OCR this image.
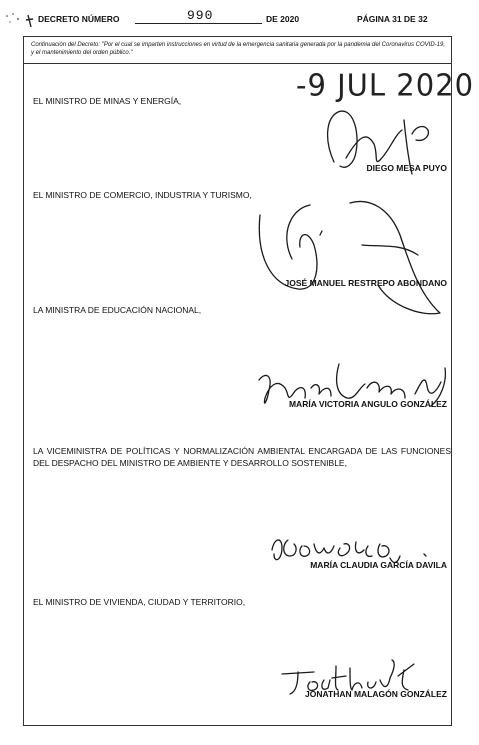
DECRETO NÚMERO	990	DE 2020	PÁGINA 31 DE 32
Continuación del Decreto: "Por el cual se imparten instrucciones en virtud de la emergencia sanitaria generada por la pandemia del Coronavirus COVID-19, y el mantenimiento del orden público."
-9 JUL 2020
EL MINISTRO DE MINAS Y ENERGÍA,
DIEGO MESA PUYO
EL MINISTRO DE COMERCIO, INDUSTRIA Y TURISMO,
JOSÉ MANUEL RESTREPO ABONDANO
LA MINISTRA DE EDUCACIÓN NACIONAL,
MARÍA VICTORIA ANGULO GONZÁLEZ
LA VICEMINISTRA DE POLÍTICAS Y NORMALIZACIÓN AMBIENTAL ENCARGADA DE LAS FUNCIONES DEL DESPACHO DEL MINISTRO DE AMBIENTE Y DESARROLLO SOSTENIBLE,
MARÍA CLAUDIA GARCÍA DAVILA
EL MINISTRO DE VIVIENDA, CIUDAD Y TERRITORIO,
JONATHAN MALAGÓN GONZÁLEZ
